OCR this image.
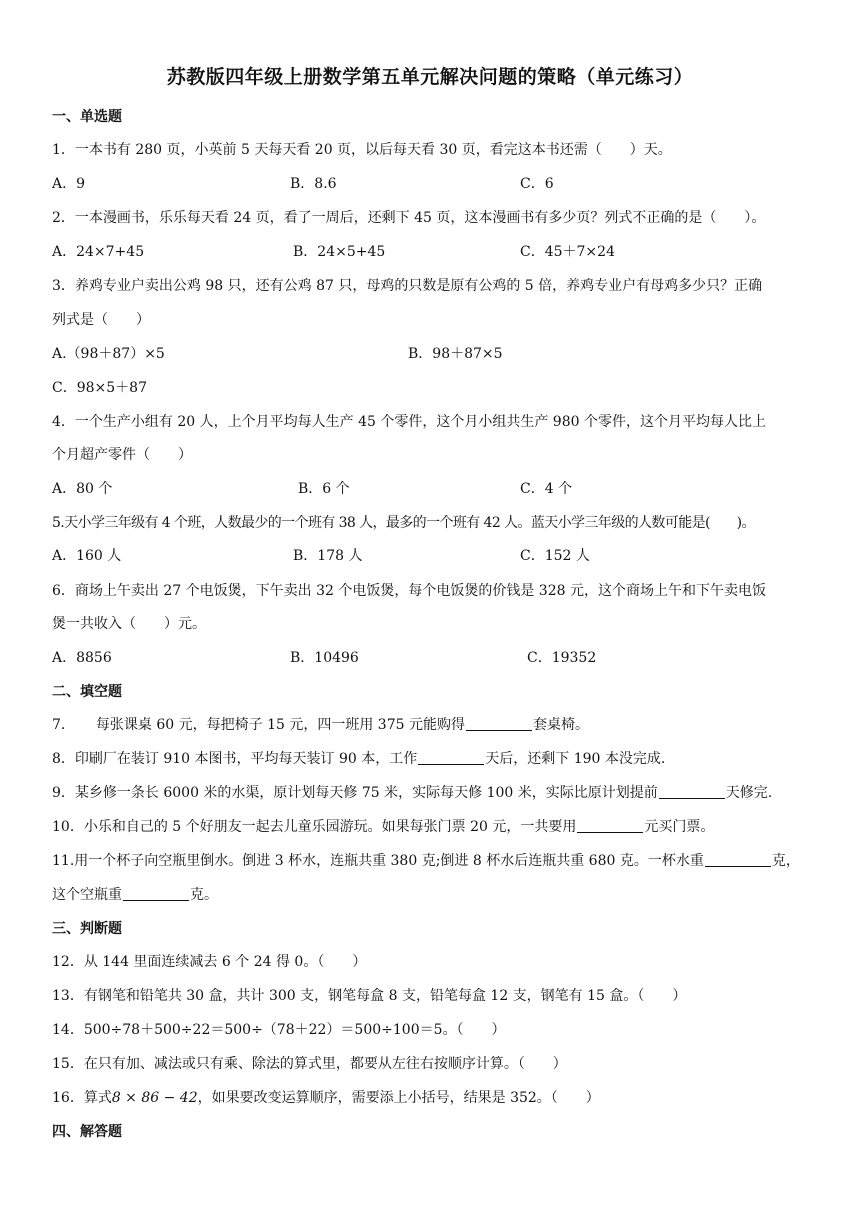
苏教版四年级上册数学第五单元解决问题的策略（单元练习）
一、单选题
1．一本书有 280 页，小英前 5 天每天看 20 页，以后每天看 30 页，看完这本书还需（　　）天。
A．9	B．8.6	C．6
2．一本漫画书，乐乐每天看 24 页，看了一周后，还剩下 45 页，这本漫画书有多少页？列式不正确的是（　　）。
A．24×7+45	B．24×5+45	C．45＋7×24
3．养鸡专业户卖出公鸡 98 只，还有公鸡 87 只，母鸡的只数是原有公鸡的 5 倍，养鸡专业户有母鸡多少只？正确
列式是（　　）
A.（98＋87）×5	B．98＋87×5
C．98×5＋87
4．一个生产小组有 20 人，上个月平均每人生产 45 个零件，这个月小组共生产 980 个零件，这个月平均每人比上
个月超产零件（　　）
A．80 个	B．6 个	C．4 个
5.天小学三年级有 4 个班，人数最少的一个班有 38 人，最多的一个班有 42 人。蓝天小学三年级的人数可能是(　　)。
A．160 人	B．178 人	C．152 人
6．商场上午卖出 27 个电饭煲，下午卖出 32 个电饭煲，每个电饭煲的价钱是 328 元，这个商场上午和下午卖电饭
煲一共收入（　　）元。
A．8856	B．10496	C．19352
二、填空题
7．　　每张课桌 60 元，每把椅子 15 元，四一班用 375 元能购得	套桌椅。
8．印刷厂在装订 910 本图书，平均每天装订 90 本，工作	天后，还剩下 190 本没完成.
9．某乡修一条长 6000 米的水渠，原计划每天修 75 米，实际每天修 100 米，实际比原计划提前	天修完.
10．小乐和自己的 5 个好朋友一起去儿童乐园游玩。如果每张门票 20 元，一共要用	元买门票。
11.用一个杯子向空瓶里倒水。倒进 3 杯水，连瓶共重 380 克;倒进 8 杯水后连瓶共重 680 克。一杯水重	克，
这个空瓶重	克。
三、判断题
12．从 144 里面连续减去 6 个 24 得 0。（　　）
13．有钢笔和铅笔共 30 盒，共计 300 支，钢笔每盒 8 支，铅笔每盒 12 支，钢笔有 15 盒。（　　）
14．500÷78＋500÷22＝500÷（78＋22）＝500÷100＝5。（　　）
15．在只有加、减法或只有乘、除法的算式里，都要从左往右按顺序计算。（　　）
16．算式8 × 86 − 42，如果要改变运算顺序，需要添上小括号，结果是 352。（　　）
四、解答题
